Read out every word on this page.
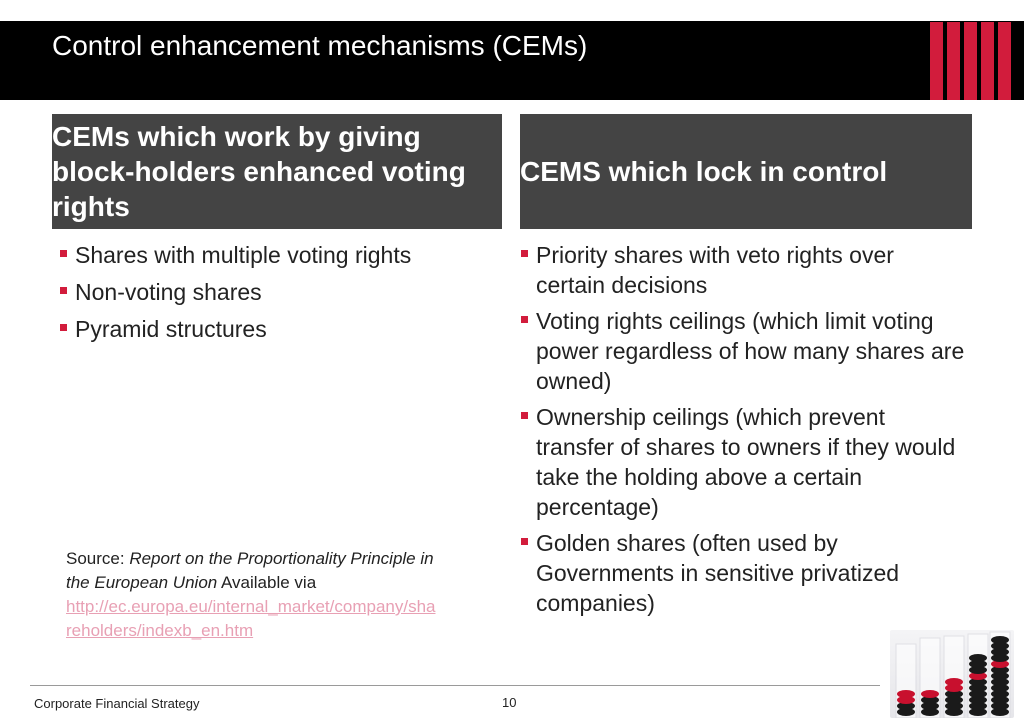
Control enhancement mechanisms (CEMs)
CEMs which work by giving block-holders enhanced voting rights
CEMS which lock in control
Shares with multiple voting rights
Non-voting shares
Pyramid structures
Priority shares with veto rights over certain decisions
Voting rights ceilings (which limit voting power regardless of how many shares are owned)
Ownership ceilings (which prevent transfer of shares to owners if they would take the holding above a certain percentage)
Golden shares (often used by Governments in sensitive privatized companies)
Source: Report on the Proportionality Principle in the European Union Available via
http://ec.europa.eu/internal_market/company/shareholders/indexb_en.htm
Corporate Financial Strategy	10
